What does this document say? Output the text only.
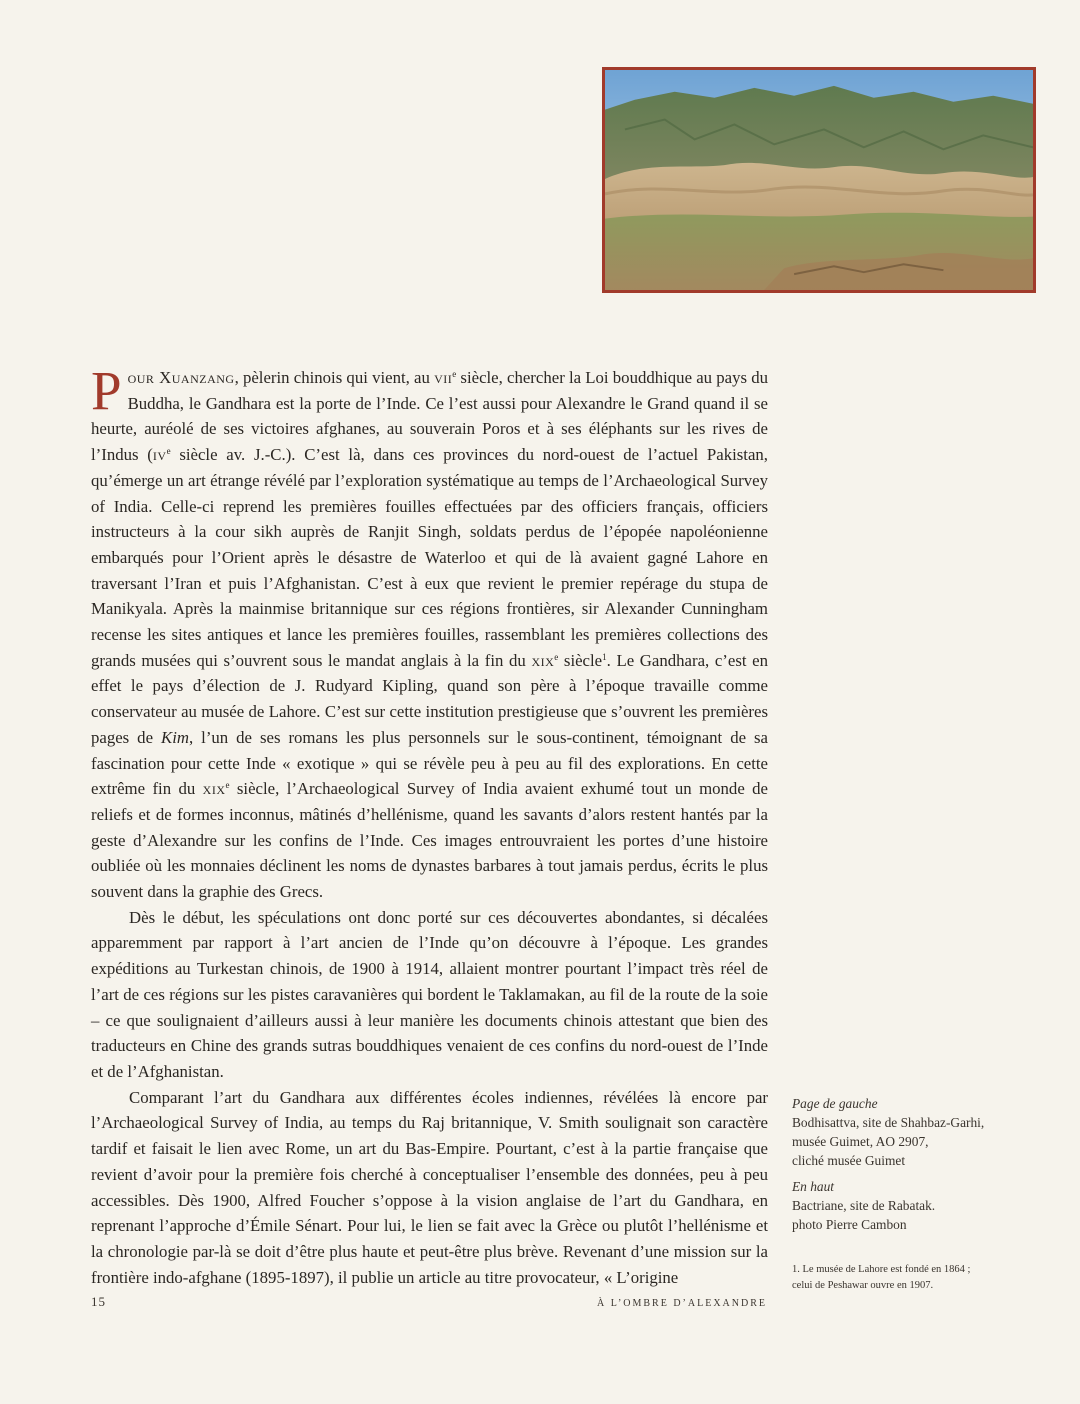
Pour Xuanzang, pèlerin chinois qui vient, au vii$^e$ siècle, chercher la Loi bouddhique au pays du Buddha, le Gandhara est la porte de l’Inde. Ce l’est aussi pour Alexandre le Grand quand il se heurte, auréolé de ses victoires afghanes, au souverain Poros et à ses éléphants sur les rives de l’Indus ($iv^e$ siècle av. J.-C.). C’est là, dans ces provinces du nord-ouest de l’actuel Pakistan, qu’émerge un art étrange révélé par l’exploration systématique au temps de l’Archaeological Survey of India. Celle-ci reprend les premières fouilles effectuées par des officiers français, officiers instructeurs à la cour sikh auprès de Ranjit Singh, soldats perdus de l’épopée napoléonienne embarqués pour l’Orient après le désastre de Waterloo et qui de là avaient gagné Lahore en traversant l’Iran et puis l’Afghanistan. C’est à eux que revient le premier repérage du stupa de Manikyala. Après la mainmise britannique sur ces régions frontières, sir Alexander Cunningham recense les sites antiques et lance les premières fouilles, rassemblant les premières collections des grands musées qui s’ouvrent sous le mandat anglais à la fin du xix$^e$ siècle$^1$. Le Gandhara, c’est en effet le pays d’élection de J. Rudyard Kipling, quand son père à l’époque travaille comme conservateur au musée de Lahore. C’est sur cette institution prestigieuse que s’ouvrent les premières pages de Kim, l’un de ses romans les plus personnels sur le sous-continent, témoignant de sa fascination pour cette Inde « exotique » qui se révèle peu à peu au fil des explorations. En cette extrême fin du xix$^e$ siècle, l’Archaeological Survey of India avaient exhumé tout un monde de reliefs et de formes inconnus, mâtinés d’hellénisme, quand les savants d’alors restent hantés par la geste d’Alexandre sur les confins de l’Inde. Ces images entrouvraient les portes d’une histoire oubliée où les monnaies déclinent les noms de dynastes barbares à tout jamais perdus, écrits le plus souvent dans la graphie des Grecs.

Dès le début, les spéculations ont donc porté sur ces découvertes abondantes, si décalées apparemment par rapport à l’art ancien de l’Inde qu’on découvre à l’époque. Les grandes expéditions au Turkestan chinois, de 1900 à 1914, allaient montrer pourtant l’impact très réel de l’art de ces régions sur les pistes caravanières qui bordent le Taklamakan, au fil de la route de la soie – ce que soulignaient d’ailleurs aussi à leur manière les documents chinois attestant que bien des traducteurs en Chine des grands sutras bouddhiques venaient de ces confins du nord-ouest de l’Inde et de l’Afghanistan.

Comparant l’art du Gandhara aux différentes écoles indiennes, révélées là encore par l’Archaeological Survey of India, au temps du Raj britannique, V. Smith soulignait son caractère tardif et faisait le lien avec Rome, un art du Bas-Empire. Pourtant, c’est à la partie française que revient d’avoir pour la première fois cherché à conceptualiser l’ensemble des données, peu à peu accessibles. Dès 1900, Alfred Foucher s’oppose à la vision anglaise de l’art du Gandhara, en reprenant l’approche d’Émile Sénart. Pour lui, le lien se fait avec la Grèce ou plutôt l’hellénisme et la chronologie par-là se doit d’être plus haute et peut-être plus brève. Revenant d’une mission sur la frontière indo-afghane (1895-1897), il publie un article au titre provocateur, « L’origine

Page de gauche

Bodhisattva, site de Shahbaz-Garhi,

musée Guimet, AO 2907,

cliché musée Guimet

En haut

Bactriane, site de Rabatak.

photo Pierre Cambon

1. Le musée de Lahore est fondé en 1864 ;
celui de Peshawar ouvre en 1907.
15	À L’OMBRE D’ALEXANDRE
